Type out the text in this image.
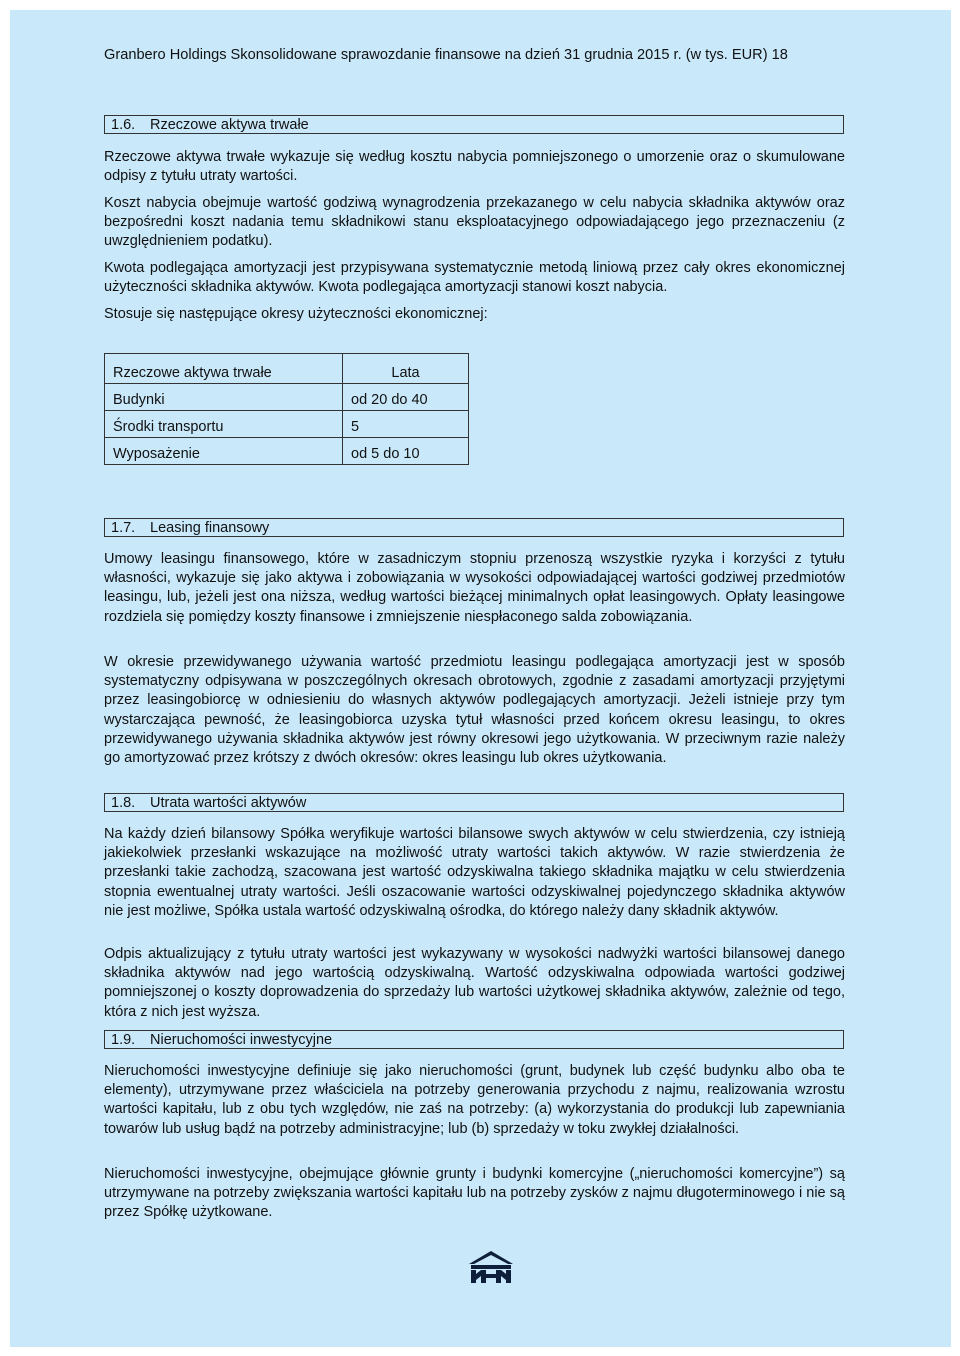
Granbero Holdings Skonsolidowane sprawozdanie finansowe na dzień 31 grudnia 2015 r. (w tys. EUR) 18
1.6. Rzeczowe aktywa trwałe

Rzeczowe aktywa trwałe wykazuje się według kosztu nabycia pomniejszonego o umorzenie oraz o skumulowane odpisy z tytułu utraty wartości.

Koszt nabycia obejmuje wartość godziwą wynagrodzenia przekazanego w celu nabycia składnika aktywów oraz bezpośredni koszt nadania temu składnikowi stanu eksploatacyjnego odpowiadającego jego przeznaczeniu (z uwzględnieniem podatku).

Kwota podlegająca amortyzacji jest przypisywana systematycznie metodą liniową przez cały okres ekonomicznej użyteczności składnika aktywów. Kwota podlegająca amortyzacji stanowi koszt nabycia.

Stosuje się następujące okresy użyteczności ekonomicznej:

Rzeczowe aktywa trwałe	Lata
Budynki	od 20 do 40
Środki transportu	5
Wyposażenie	od 5 do 10
1.7. Leasing finansowy

Umowy leasingu finansowego, które w zasadniczym stopniu przenoszą wszystkie ryzyka i korzyści z tytułu własności, wykazuje się jako aktywa i zobowiązania w wysokości odpowiadającej wartości godziwej przedmiotów leasingu, lub, jeżeli jest ona niższa, według wartości bieżącej minimalnych opłat leasingowych. Opłaty leasingowe rozdziela się pomiędzy koszty finansowe i zmniejszenie niespłaconego salda zobowiązania.

W okresie przewidywanego używania wartość przedmiotu leasingu podlegająca amortyzacji jest w sposób systematyczny odpisywana w poszczególnych okresach obrotowych, zgodnie z zasadami amortyzacji przyjętymi przez leasingobiorcę w odniesieniu do własnych aktywów podlegających amortyzacji. Jeżeli istnieje przy tym wystarczająca pewność, że leasingobiorca uzyska tytuł własności przed końcem okresu leasingu, to okres przewidywanego używania składnika aktywów jest równy okresowi jego użytkowania. W przeciwnym razie należy go amortyzować przez krótszy z dwóch okresów: okres leasingu lub okres użytkowania.

1.8. Utrata wartości aktywów

Na każdy dzień bilansowy Spółka weryfikuje wartości bilansowe swych aktywów w celu stwierdzenia, czy istnieją jakiekolwiek przesłanki wskazujące na możliwość utraty wartości takich aktywów. W razie stwierdzenia że przesłanki takie zachodzą, szacowana jest wartość odzyskiwalna takiego składnika majątku w celu stwierdzenia stopnia ewentualnej utraty wartości. Jeśli oszacowanie wartości odzyskiwalnej pojedynczego składnika aktywów nie jest możliwe, Spółka ustala wartość odzyskiwalną ośrodka, do którego należy dany składnik aktywów.

Odpis aktualizujący z tytułu utraty wartości jest wykazywany w wysokości nadwyżki wartości bilansowej danego składnika aktywów nad jego wartością odzyskiwalną. Wartość odzyskiwalna odpowiada wartości godziwej pomniejszonej o koszty doprowadzenia do sprzedaży lub wartości użytkowej składnika aktywów, zależnie od tego, która z nich jest wyższa.

1.9. Nieruchomości inwestycyjne

Nieruchomości inwestycyjne definiuje się jako nieruchomości (grunt, budynek lub część budynku albo oba te elementy), utrzymywane przez właściciela na potrzeby generowania przychodu z najmu, realizowania wzrostu wartości kapitału, lub z obu tych względów, nie zaś na potrzeby: (a) wykorzystania do produkcji lub zapewniania towarów lub usług bądź na potrzeby administracyjne; lub (b) sprzedaży w toku zwykłej działalności.

Nieruchomości inwestycyjne, obejmujące głównie grunty i budynki komercyjne („nieruchomości komercyjne”) są utrzymywane na potrzeby zwiększania wartości kapitału lub na potrzeby zysków z najmu długoterminowego i nie są przez Spółkę użytkowane.
